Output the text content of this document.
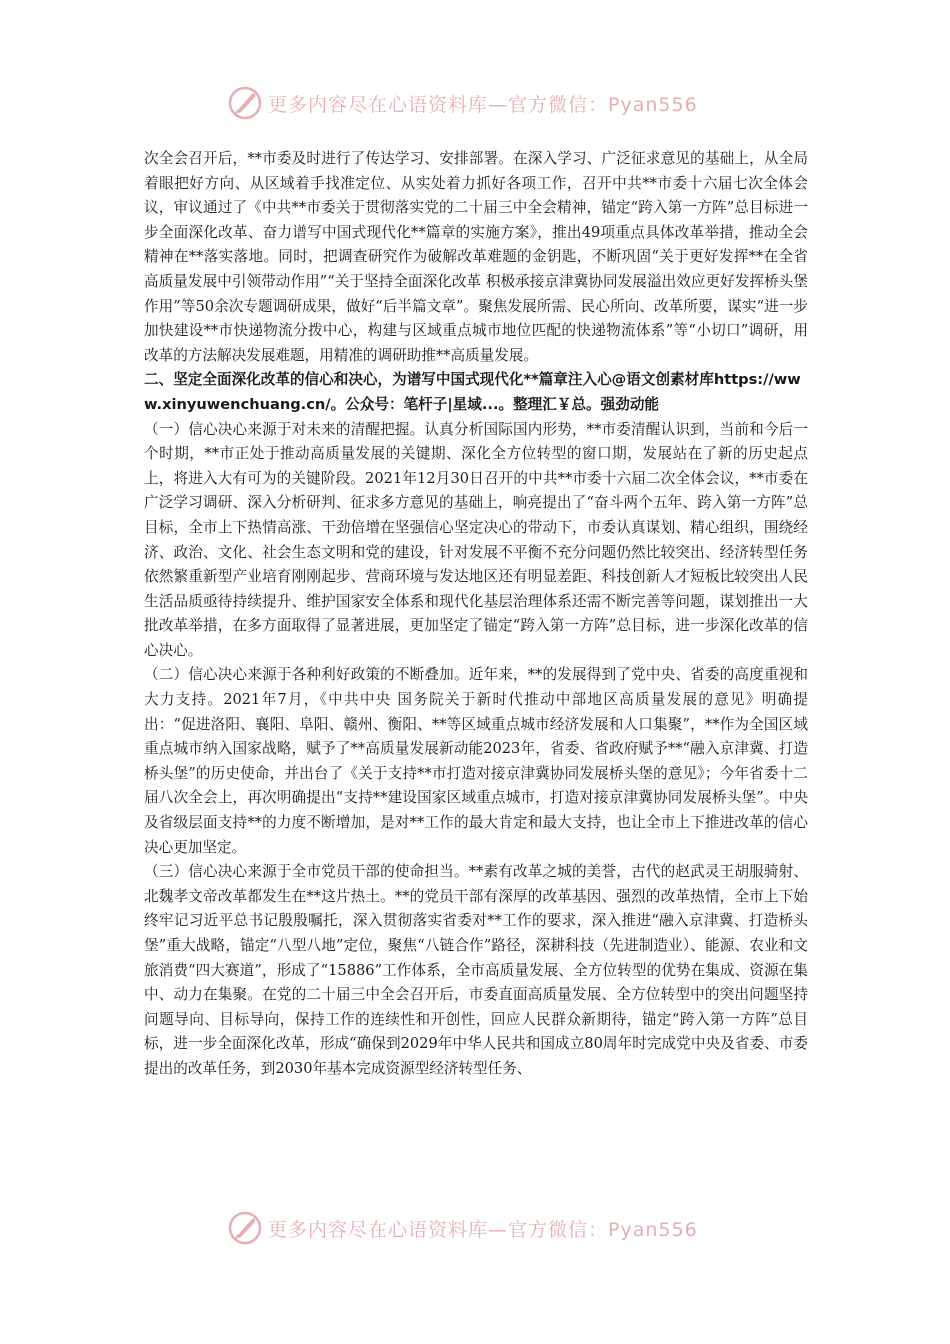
更多内容尽在心语资料库—官方微信：Pyan556

次全会召开后，**市委及时进行了传达学习、安排部署。在深入学习、广泛征求意见的基础上，从全局着眼把好方向、从区域着手找准定位、从实处着力抓好各项工作，召开中共**市委十六届七次全体会议，审议通过了《中共**市委关于贯彻落实党的二十届三中全会精神，锚定“跨入第一方阵”总目标进一步全面深化改革、奋力谱写中国式现代化**篇章的实施方案》，推出49项重点具体改革举措，推动全会精神在**落实落地。同时，把调查研究作为破解改革难题的金钥匙，不断巩固“关于更好发挥**在全省高质量发展中引领带动作用”“关于坚持全面深化改革 积极承接京津冀协同发展溢出效应更好发挥桥头堡作用”等50余次专题调研成果，做好“后半篇文章”。聚焦发展所需、民心所向、改革所要，谋实“进一步加快建设**市快递物流分拨中心，构建与区域重点城市地位匹配的快递物流体系”等“小切口”调研，用改革的方法解决发展难题，用精准的调研助推**高质量发展。

二、坚定全面深化改革的信心和决心，为谱写中国式现代化**篇章注入心@语文创素材库https://www.xinyuwenchuang.cn/。公众号：笔杆子|星域...。整理汇￥总。强劲动能

（一）信心决心来源于对未来的清醒把握。认真分析国际国内形势，**市委清醒认识到，当前和今后一个时期，**市正处于推动高质量发展的关键期、深化全方位转型的窗口期，发展站在了新的历史起点上，将进入大有可为的关键阶段。2021年12月30日召开的中共**市委十六届二次全体会议，**市委在广泛学习调研、深入分析研判、征求多方意见的基础上，响亮提出了“奋斗两个五年、跨入第一方阵”总目标，全市上下热情高涨、干劲倍增在坚强信心坚定决心的带动下，市委认真谋划、精心组织，围绕经济、政治、文化、社会生态文明和党的建设，针对发展不平衡不充分问题仍然比较突出、经济转型任务依然繁重新型产业培育刚刚起步、营商环境与发达地区还有明显差距、科技创新人才短板比较突出人民生活品质亟待持续提升、维护国家安全体系和现代化基层治理体系还需不断完善等问题，谋划推出一大批改革举措，在多方面取得了显著进展，更加坚定了锚定“跨入第一方阵”总目标，进一步深化改革的信心决心。

（二）信心决心来源于各种利好政策的不断叠加。近年来，**的发展得到了党中央、省委的高度重视和大力支持。2021年7月，《中共中央 国务院关于新时代推动中部地区高质量发展的意见》明确提出：“促进洛阳、襄阳、阜阳、赣州、衡阳、**等区域重点城市经济发展和人口集聚”，**作为全国区域重点城市纳入国家战略，赋予了**高质量发展新动能2023年，省委、省政府赋予**“融入京津冀、打造桥头堡”的历史使命，并出台了《关于支持**市打造对接京津冀协同发展桥头堡的意见》；今年省委十二届八次全会上，再次明确提出“支持**建设国家区域重点城市，打造对接京津冀协同发展桥头堡”。中央及省级层面支持**的力度不断增加，是对**工作的最大肯定和最大支持，也让全市上下推进改革的信心决心更加坚定。

（三）信心决心来源于全市党员干部的使命担当。**素有改革之城的美誉，古代的赵武灵王胡服骑射、北魏孝文帝改革都发生在**这片热土。**的党员干部有深厚的改革基因、强烈的改革热情，全市上下始终牢记习近平总书记殷殷嘱托，深入贯彻落实省委对**工作的要求，深入推进“融入京津冀、打造桥头堡”重大战略，锚定“八型八地”定位，聚焦“八链合作”路径，深耕科技（先进制造业）、能源、农业和文旅消费“四大赛道”，形成了“15886”工作体系，全市高质量发展、全方位转型的优势在集成、资源在集中、动力在集聚。在党的二十届三中全会召开后，市委直面高质量发展、全方位转型中的突出问题坚持问题导向、目标导向，保持工作的连续性和开创性，回应人民群众新期待，锚定“跨入第一方阵”总目标，进一步全面深化改革，形成“确保到2029年中华人民共和国成立80周年时完成党中央及省委、市委提出的改革任务，到2030年基本完成资源型经济转型任务、

更多内容尽在心语资料库—官方微信：Pyan556
